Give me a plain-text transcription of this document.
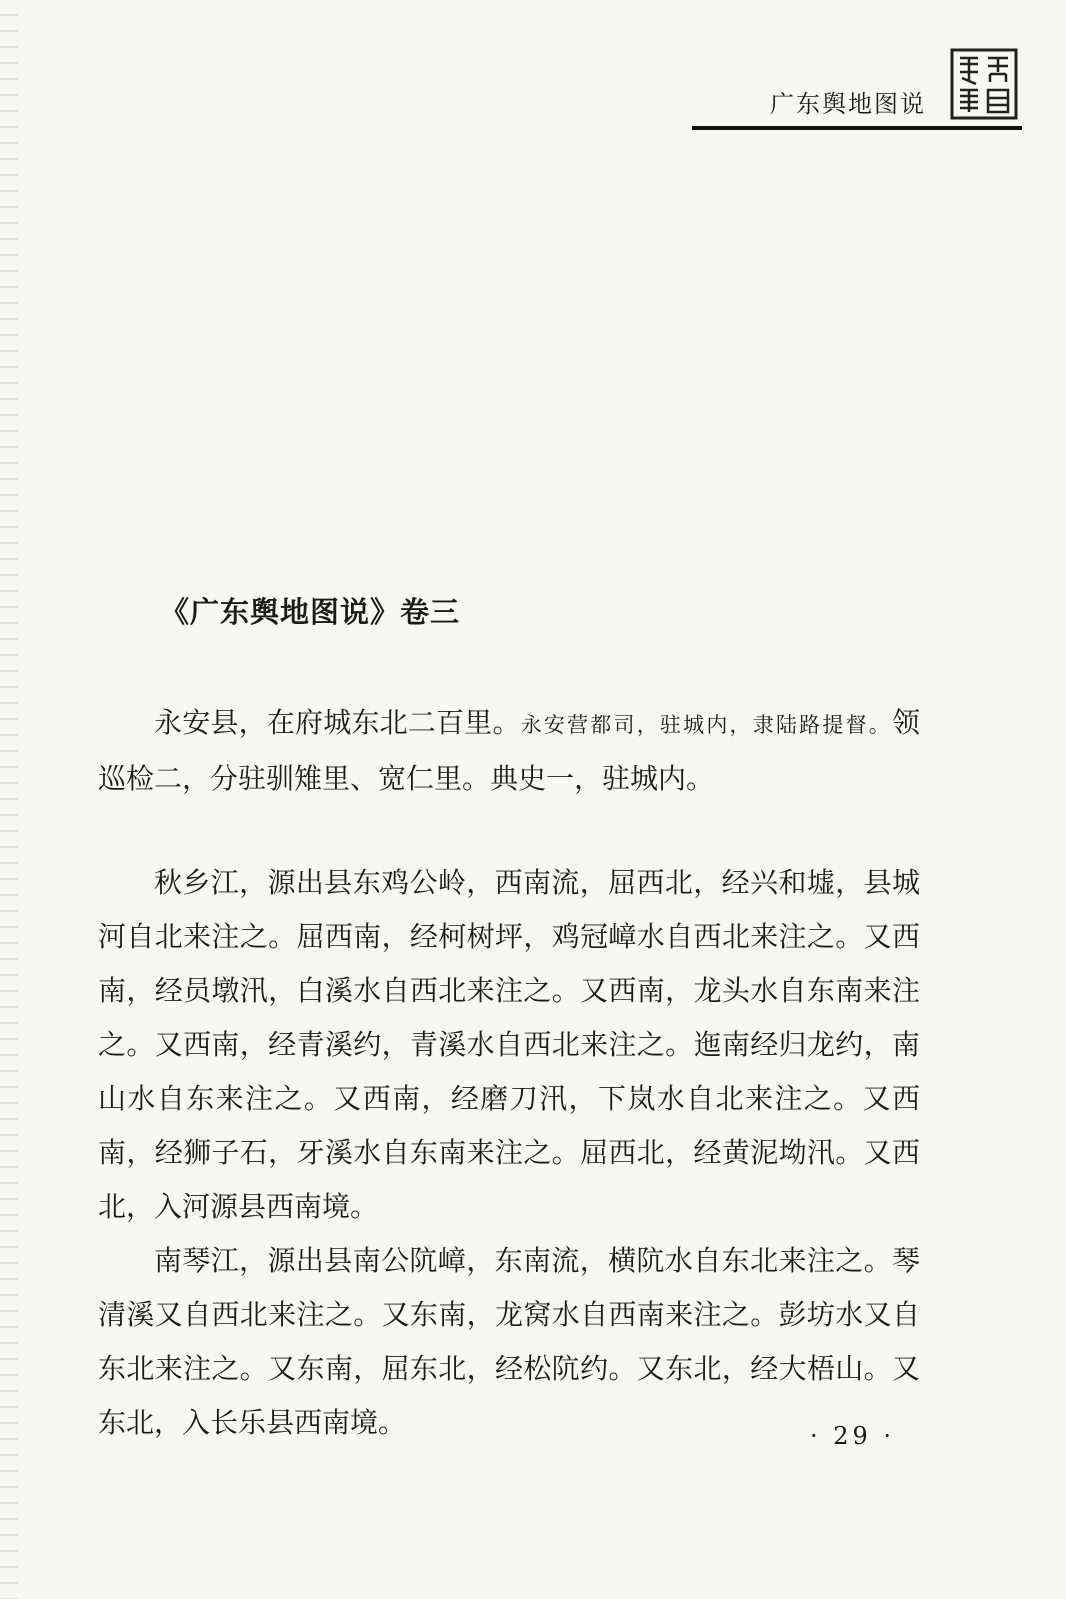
广东舆地图说
《广东舆地图说》卷三

永安县，在府城东北二百里。永安营都司，驻城内，隶陆路提督。领巡检二，分驻驯雉里、宽仁里。典史一，驻城内。

秋乡江，源出县东鸡公岭，西南流，屈西北，经兴和墟，县城河自北来注之。屈西南，经柯树坪，鸡冠嶂水自西北来注之。又西南，经员墩汛，白溪水自西北来注之。又西南，龙头水自东南来注之。又西南，经青溪约，青溪水自西北来注之。迤南经归龙约，南山水自东来注之。又西南，经磨刀汛，下岚水自北来注之。又西南，经狮子石，牙溪水自东南来注之。屈西北，经黄泥坳汛。又西北，入河源县西南境。

南琴江，源出县南公阬嶂，东南流，横阬水自东北来注之。琴清溪又自西北来注之。又东南，龙窝水自西南来注之。彭坊水又自东北来注之。又东南，屈东北，经松阬约。又东北，经大梧山。又东北，入长乐县西南境。	· 29 ·
